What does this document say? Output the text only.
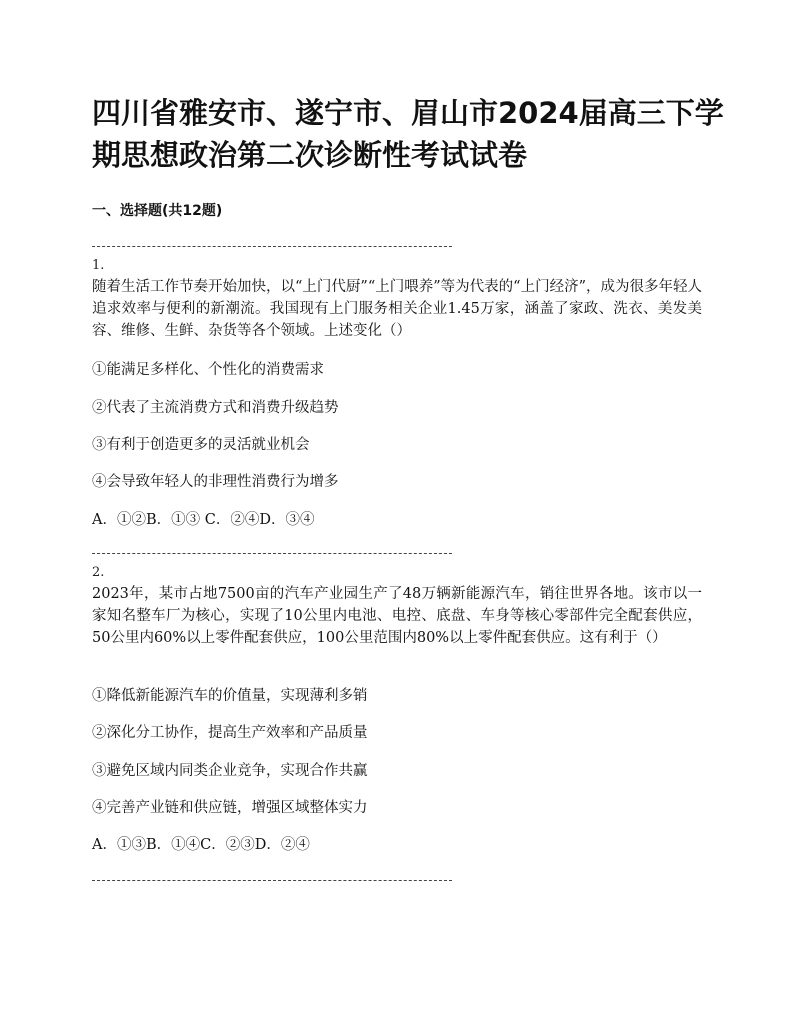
四川省雅安市、遂宁市、眉山市2024届高三下学期思想政治第二次诊断性考试试卷
一、选择题(共12题)
1.

随着生活工作节奏开始加快，以“上门代厨”“上门喂养”等为代表的“上门经济”，成为很多年轻人追求效率与便利的新潮流。我国现有上门服务相关企业1.45万家，涵盖了家政、洗衣、美发美容、维修、生鲜、杂货等各个领域。上述变化（）

①能满足多样化、个性化的消费需求

②代表了主流消费方式和消费升级趋势

③有利于创造更多的灵活就业机会

④会导致年轻人的非理性消费行为增多

A．①②B．①③ C．②④D．③④

2.

2023年，某市占地7500亩的汽车产业园生产了48万辆新能源汽车，销往世界各地。该市以一家知名整车厂为核心，实现了10公里内电池、电控、底盘、车身等核心零部件完全配套供应，50公里内60%以上零件配套供应，100公里范围内80%以上零件配套供应。这有利于（）

①降低新能源汽车的价值量，实现薄利多销

②深化分工协作，提高生产效率和产品质量

③避免区域内同类企业竞争，实现合作共赢

④完善产业链和供应链，增强区域整体实力

A．①③B．①④C．②③D．②④
